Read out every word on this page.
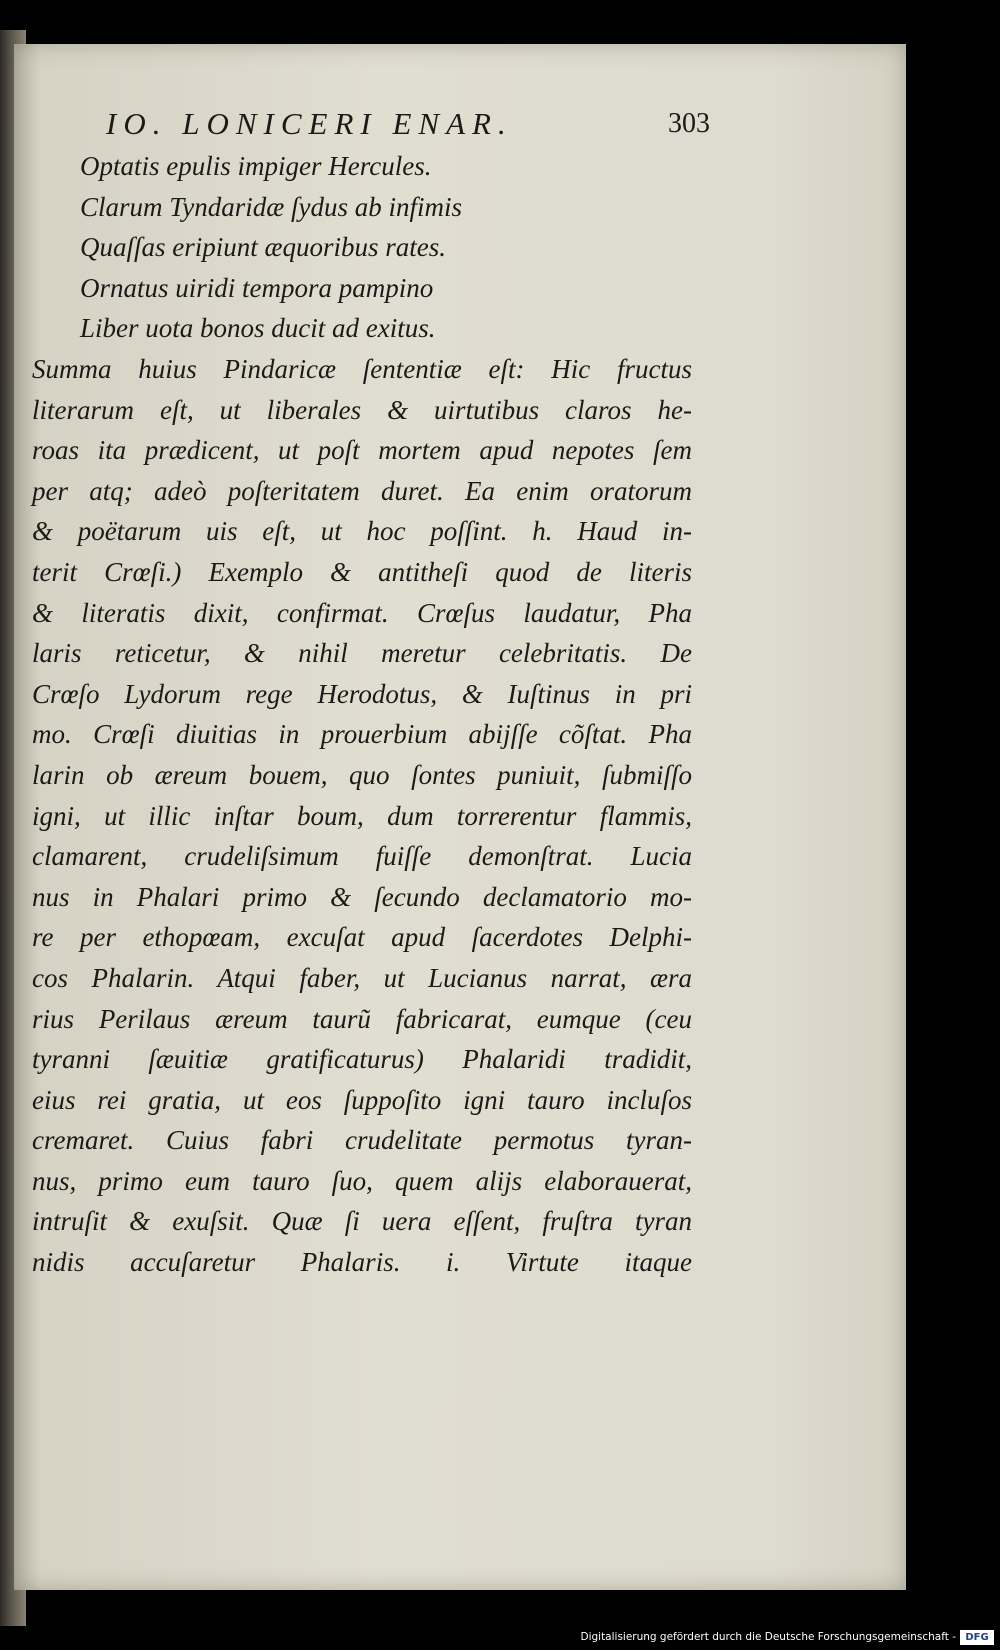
IO. LONICERI ENAR.	303
Optatis epulis impiger Hercules.
Clarum Tyndaridæ ſydus ab infimis
Quaſſas eripiunt æquoribus rates.
Ornatus uiridi tempora pampino
Liber uota bonos ducit ad exitus.
Summa huius Pindaricæ ſententiæ eſt: Hic fructus
literarum eſt, ut liberales & uirtutibus claros he-
roas ita prædicent, ut poſt mortem apud nepotes ſem
per atq; adeò poſteritatem duret. Ea enim oratorum
& poëtarum uis eſt, ut hoc poſſint. h. Haud in-
terit Crœſi.) Exemplo & antitheſi quod de literis
& literatis dixit, confirmat. Crœſus laudatur, Pha
laris reticetur, & nihil meretur celebritatis. De
Crœſo Lydorum rege Herodotus, & Iuſtinus in pri
mo. Crœſi diuitias in prouerbium abijſſe cõſtat. Pha
larin ob æreum bouem, quo ſontes puniuit, ſubmiſſo
igni, ut illic inſtar boum, dum torrerentur flammis,
clamarent, crudeliſsimum fuiſſe demonſtrat. Lucia
nus in Phalari primo & ſecundo declamatorio mo-
re per ethopœam, excuſat apud ſacerdotes Delphi-
cos Phalarin. Atqui faber, ut Lucianus narrat, æra
rius Perilaus æreum taurũ fabricarat, eumque (ceu
tyranni ſæuitiæ gratificaturus) Phalaridi tradidit,
eius rei gratia, ut eos ſuppoſito igni tauro incluſos
cremaret. Cuius fabri crudelitate permotus tyran-
nus, primo eum tauro ſuo, quem alijs elaborauerat,
intruſit & exuſsit. Quæ ſi uera eſſent, fruſtra tyran
nidis accuſaretur Phalaris. i. Virtute itaque
Digitalisierung gefördert durch die Deutsche Forschungsgemeinschaft - DFG
